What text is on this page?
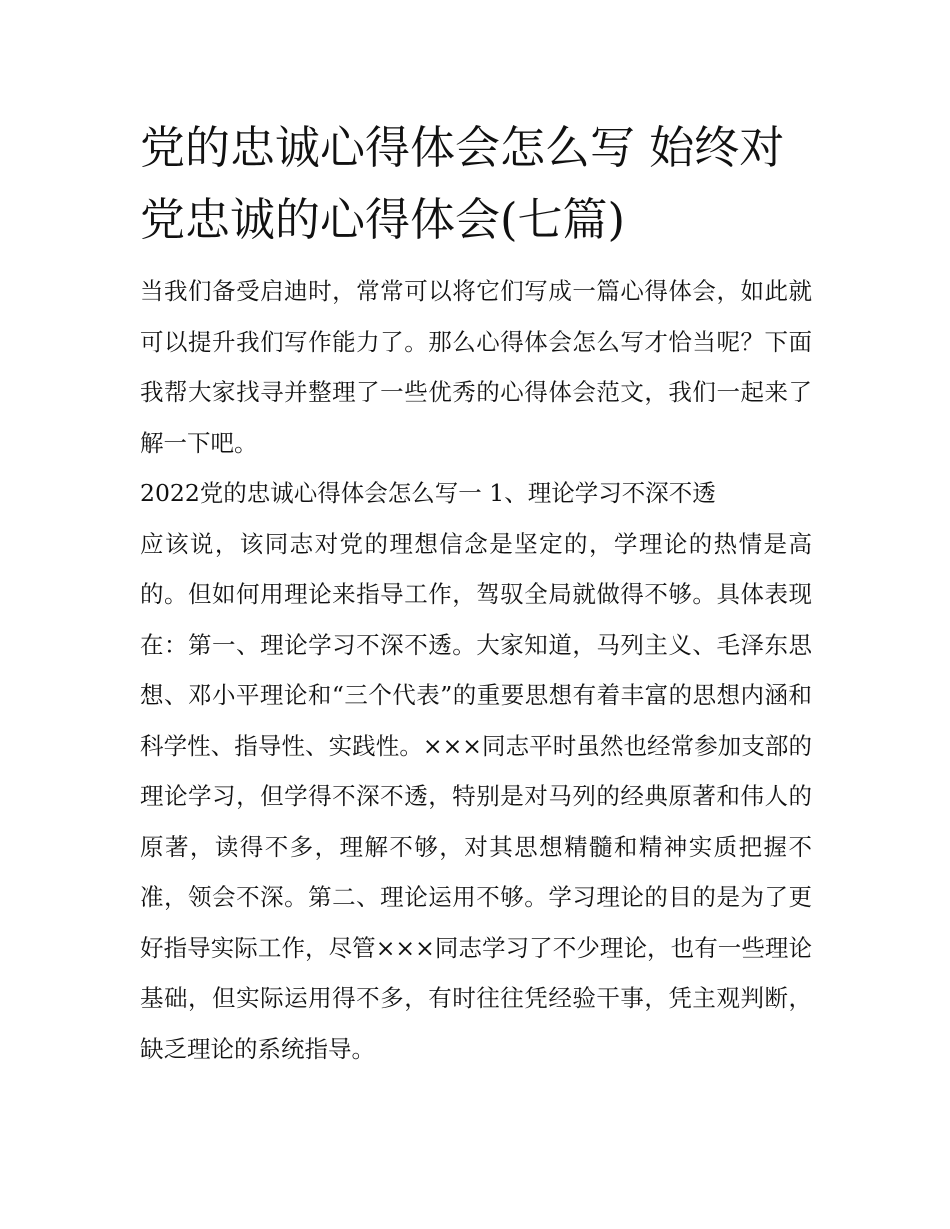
党的忠诚心得体会怎么写 始终对党忠诚的心得体会(七篇)

当我们备受启迪时，常常可以将它们写成一篇心得体会，如此就可以提升我们写作能力了。那么心得体会怎么写才恰当呢？下面我帮大家找寻并整理了一些优秀的心得体会范文，我们一起来了解一下吧。

2022党的忠诚心得体会怎么写一 1、理论学习不深不透

应该说，该同志对党的理想信念是坚定的，学理论的热情是高的。但如何用理论来指导工作，驾驭全局就做得不够。具体表现在：第一、理论学习不深不透。大家知道，马列主义、毛泽东思想、邓小平理论和“三个代表”的重要思想有着丰富的思想内涵和科学性、指导性、实践性。×××同志平时虽然也经常参加支部的理论学习，但学得不深不透，特别是对马列的经典原著和伟人的原著，读得不多，理解不够，对其思想精髓和精神实质把握不准，领会不深。第二、理论运用不够。学习理论的目的是为了更好指导实际工作，尽管×××同志学习了不少理论，也有一些理论基础，但实际运用得不多，有时往往凭经验干事，凭主观判断，缺乏理论的系统指导。
